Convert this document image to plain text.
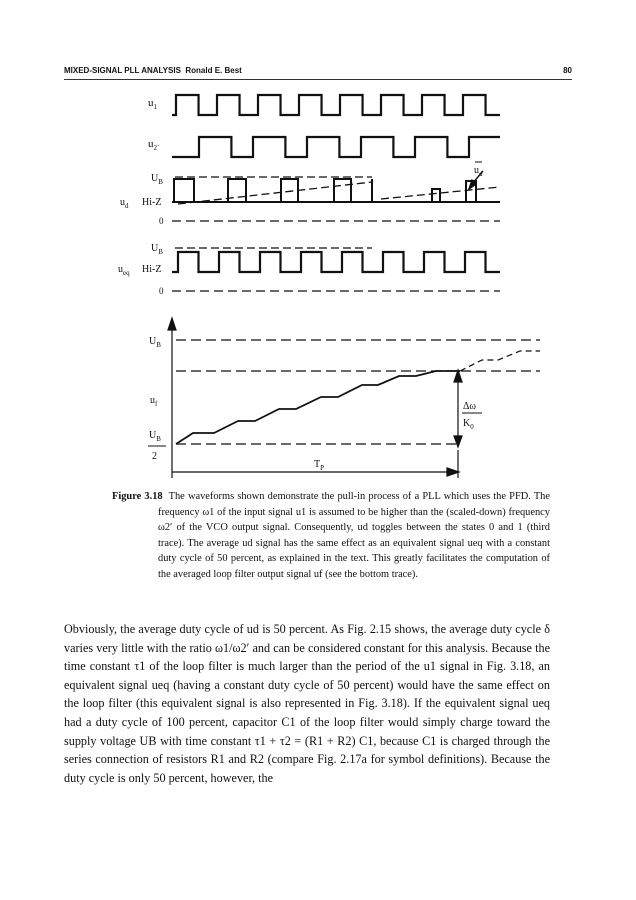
MIXED-SIGNAL PLL ANALYSIS Ronald E. Best	80
$u_1$
$u_{2´}$
$U_B$
$u_d$ Hi-Z
0
$u_d$
$U_B$
$u_{eq}$ Hi-Z
0
$U_B$
$u_f$
$U_B$
2
Δω
$K_0$
$T_P$

Figure 3.18 The waveforms shown demonstrate the pull-in process of a PLL which uses the PFD. The frequency ω1 of the input signal u1 is assumed to be higher than the (scaled-down) frequency ω2′ of the VCO output signal. Consequently, ud toggles between the states 0 and 1 (third trace). The average ud signal has the same effect as an equivalent signal ueq with a constant duty cycle of 50 percent, as explained in the text. This greatly facilitates the computation of the averaged loop filter output signal uf (see the bottom trace).

Obviously, the average duty cycle of ud is 50 percent. As Fig. 2.15 shows, the average duty cycle δ varies very little with the ratio ω1/ω2′ and can be considered constant for this analysis. Because the time constant τ1 of the loop filter is much larger than the period of the u1 signal in Fig. 3.18, an equivalent signal ueq (having a constant duty cycle of 50 percent) would have the same effect on the loop filter (this equivalent signal is also represented in Fig. 3.18). If the equivalent signal ueq had a duty cycle of 100 percent, capacitor C1 of the loop filter would simply charge toward the supply voltage UB with time constant τ1 + τ2 = (R1 + R2) C1, because C1 is charged through the series connection of resistors R1 and R2 (compare Fig. 2.17a for symbol definitions). Because the duty cycle is only 50 percent, however, the
